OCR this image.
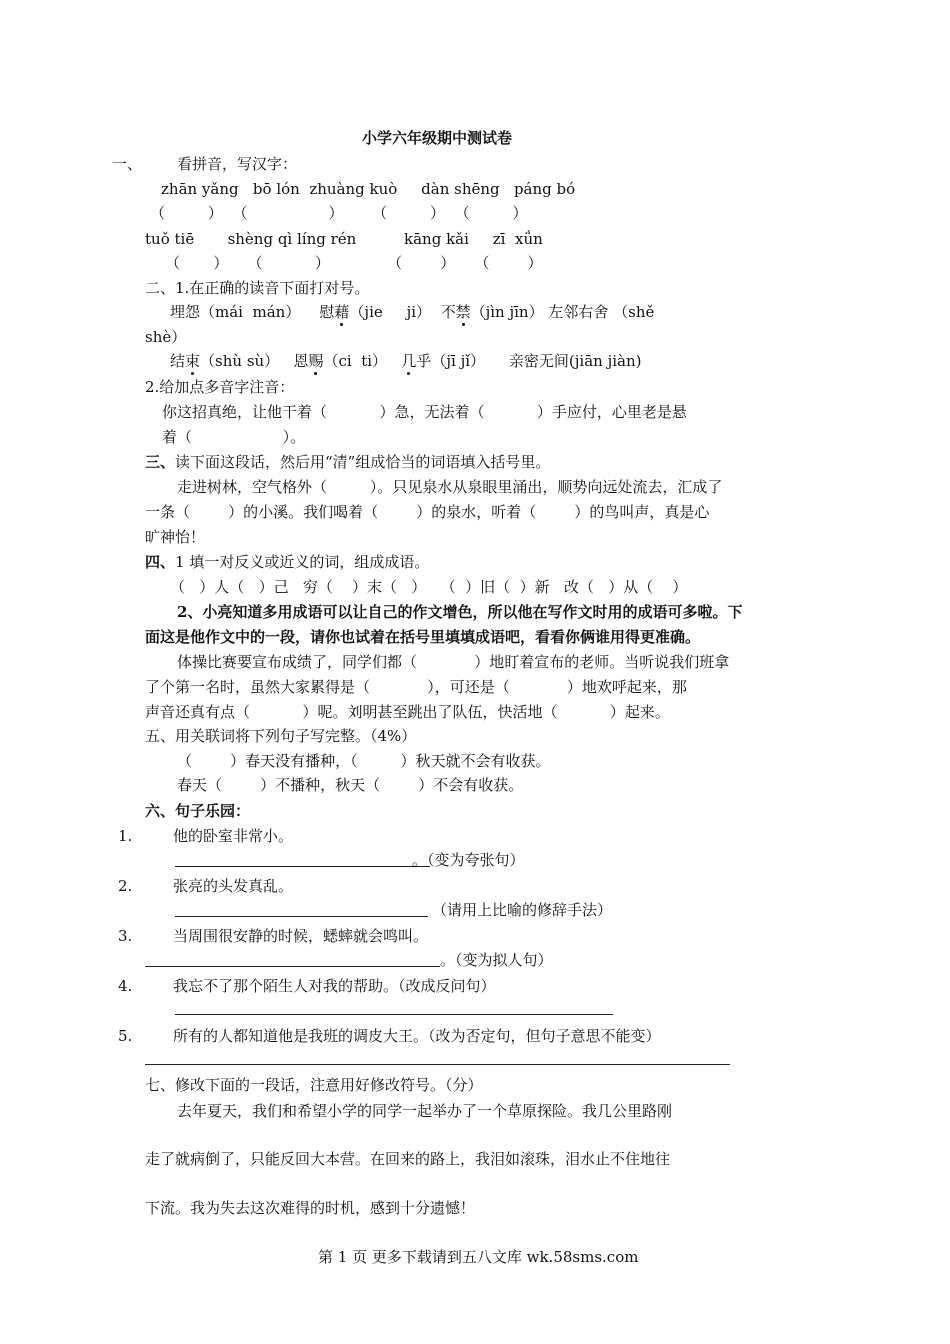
小学六年级期中测试卷
一、 看拼音，写汉字：
zhān yǎng   bō lón  zhuàng kuò     dàn shēng   páng bó
（         ）  （                 ）      （         ）  （         ）
tuǒ tiē       shèng qì líng rén          kāng kǎi     zī  xǘn
（       ）    （           ）            （        ）    （        ）
二、1.在正确的读音下面打对号。
埋怨（mái  mán）    慰藉（jie     ji）  不禁（jìn jīn） 左邻右舍 （shě
shè）
结束（shù sù）   恩赐（ci  ti）   几乎（jī jǐ）     亲密无间(jiān jiàn)
2.给加点多音字注音：
你这招真绝，让他干着（           ）急，无法着（           ）手应付，心里老是悬
着（                   ）。
三、读下面这段话，然后用“清”组成恰当的词语填入括号里。
走进树林，空气格外（         ）。只见泉水从泉眼里涌出，顺势向远处流去，汇成了
一条（        ）的小溪。我们喝着（        ）的泉水，听着（        ）的鸟叫声，真是心
旷神怡！
四、1 填一对反义或近义的词，组成成语。
（   ）人（   ）己   穷（    ）末（   ）   （  ）旧（  ）新   改（   ）从（    ）
2、小亮知道多用成语可以让自己的作文增色，所以他在写作文时用的成语可多啦。下
面这是他作文中的一段，请你也试着在括号里填填成语吧，看看你俩谁用得更准确。
体操比赛要宣布成绩了，同学们都（            ）地盯着宣布的老师。当听说我们班拿
了个第一名时，虽然大家累得是（            ），可还是（            ）地欢呼起来，那
声音还真有点（           ）呢。刘明甚至跳出了队伍，快活地（           ）起来。
五、用关联词将下列句子写完整。（4%）
（        ）春天没有播种，（         ）秋天就不会有收获。
春天（        ）不播种，秋天（        ）不会有收获。
六、句子乐园：
1.	他的卧室非常小。
。（变为夸张句）
2.	张亮的头发真乱。
（请用上比喻的修辞手法）
3.	当周围很安静的时候，蟋蟀就会鸣叫。
。（变为拟人句）
4.	我忘不了那个陌生人对我的帮助。（改成反问句）
5.	所有的人都知道他是我班的调皮大王。（改为否定句，但句子意思不能变）
七、修改下面的一段话，注意用好修改符号。（分）
去年夏天，我们和希望小学的同学一起举办了一个草原探险。我几公里路刚
走了就病倒了，只能反回大本营。在回来的路上，我泪如滚珠，泪水止不住地往
下流。我为失去这次难得的时机，感到十分遗憾！
第 1 页 更多下载请到五八文库 wk.58sms.com
